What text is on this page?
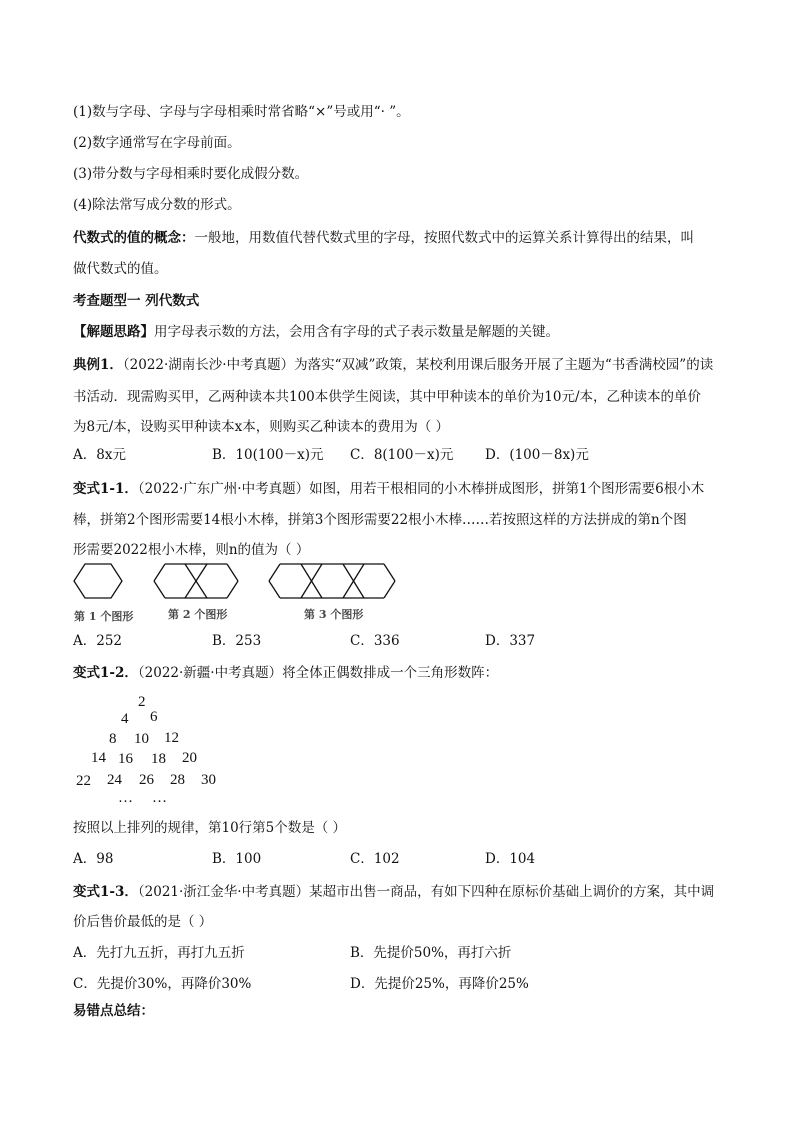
(1)数与字母、字母与字母相乘时常省略“×”号或用“· ”。
(2)数字通常写在字母前面。
(3)带分数与字母相乘时要化成假分数。
(4)除法常写成分数的形式。
代数式的值的概念：一般地，用数值代替代数式里的字母，按照代数式中的运算关系计算得出的结果，叫
做代数式的值。
考查题型一 列代数式
【解题思路】用字母表示数的方法，会用含有字母的式子表示数量是解题的关键。
典例1．（2022·湖南长沙·中考真题）为落实“双减”政策，某校利用课后服务开展了主题为“书香满校园”的读
书活动．现需购买甲，乙两种读本共100本供学生阅读，其中甲种读本的单价为10元/本，乙种读本的单价
为8元/本，设购买甲种读本x本，则购买乙种读本的费用为（ ）
A．8x元	B．10(100－x)元 C．8(100－x)元 D．(100－8x)元
变式1-1．（2022·广东广州·中考真题）如图，用若干根相同的小木棒拼成图形，拼第1个图形需要6根小木
棒，拼第2个图形需要14根小木棒，拼第3个图形需要22根小木棒……若按照这样的方法拼成的第n个图
形需要2022根小木棒，则n的值为（ ）
第 1 个图形	第 2 个图形	第 3 个图形
A．252	B．253	C．336	D．337
变式1-2．（2022·新疆·中考真题）将全体正偶数排成一个三角形数阵：
2
4 6
8 10 12
14 16 18 20
22 24 26 28 30
… …
按照以上排列的规律，第10行第5个数是（ ）
A．98	B．100	C．102	D．104
变式1-3．（2021·浙江金华·中考真题）某超市出售一商品，有如下四种在原标价基础上调价的方案，其中调
价后售价最低的是（ ）
A．先打九五折，再打九五折	B．先提价50%，再打六折
C．先提价30%，再降价30%	D．先提价25%，再降价25%
易错点总结：
